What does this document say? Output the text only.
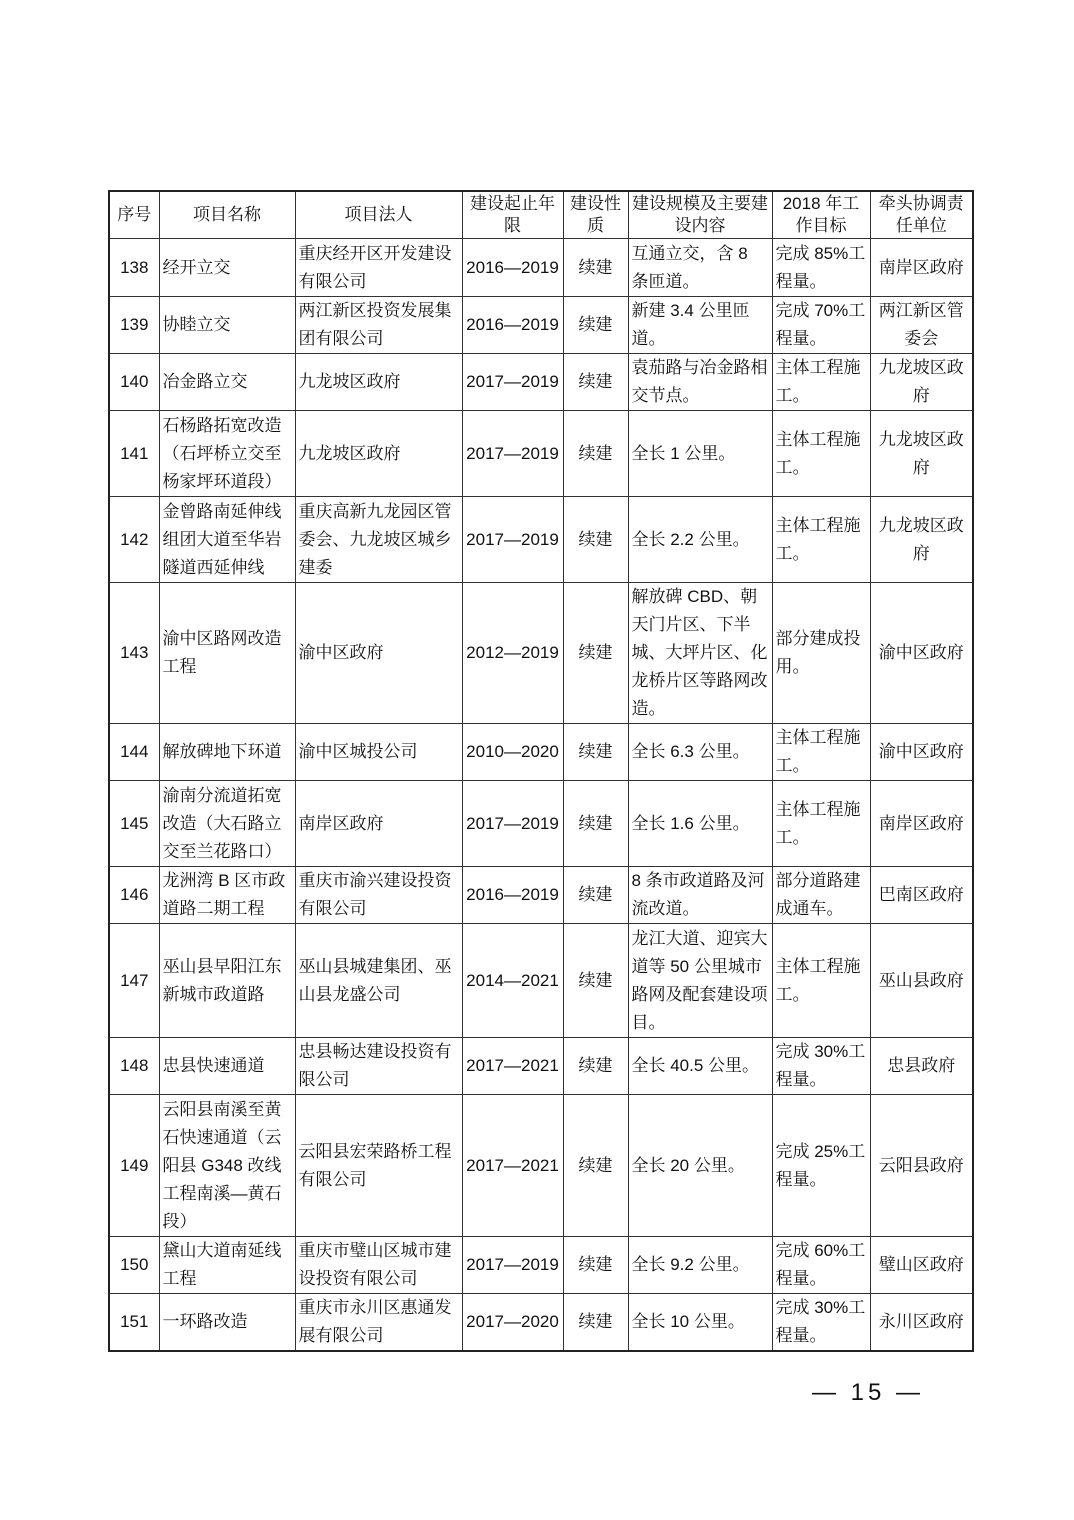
序号	项目名称	项目法人	建设起止年限	建设性质	建设规模及主要建设内容	2018 年工作目标	牵头协调责任单位
138	经开立交	重庆经开区开发建设有限公司	2016—2019	续建	互通立交，含 8 条匝道。	完成 85%工程量。	南岸区政府
139	协睦立交	两江新区投资发展集团有限公司	2016—2019	续建	新建 3.4 公里匝道。	完成 70%工程量。	两江新区管委会
140	冶金路立交	九龙坡区政府	2017—2019	续建	袁茄路与冶金路相交节点。	主体工程施工。	九龙坡区政府
141	石杨路拓宽改造（石坪桥立交至杨家坪环道段）	九龙坡区政府	2017—2019	续建	全长 1 公里。	主体工程施工。	九龙坡区政府
142	金曾路南延伸线组团大道至华岩隧道西延伸线	重庆高新九龙园区管委会、九龙坡区城乡建委	2017—2019	续建	全长 2.2 公里。	主体工程施工。	九龙坡区政府
143	渝中区路网改造工程	渝中区政府	2012—2019	续建	解放碑 CBD、朝天门片区、下半城、大坪片区、化龙桥片区等路网改造。	部分建成投用。	渝中区政府
144	解放碑地下环道	渝中区城投公司	2010—2020	续建	全长 6.3 公里。	主体工程施工。	渝中区政府
145	渝南分流道拓宽改造（大石路立交至兰花路口）	南岸区政府	2017—2019	续建	全长 1.6 公里。	主体工程施工。	南岸区政府
146	龙洲湾 B 区市政道路二期工程	重庆市渝兴建设投资有限公司	2016—2019	续建	8 条市政道路及河流改道。	部分道路建成通车。	巴南区政府
147	巫山县早阳江东新城市政道路	巫山县城建集团、巫山县龙盛公司	2014—2021	续建	龙江大道、迎宾大道等 50 公里城市路网及配套建设项目。	主体工程施工。	巫山县政府
148	忠县快速通道	忠县畅达建设投资有限公司	2017—2021	续建	全长 40.5 公里。	完成 30%工程量。	忠县政府
149	云阳县南溪至黄石快速通道（云阳县 G348 改线工程南溪—黄石段）	云阳县宏荣路桥工程有限公司	2017—2021	续建	全长 20 公里。	完成 25%工程量。	云阳县政府
150	黛山大道南延线工程	重庆市璧山区城市建设投资有限公司	2017—2019	续建	全长 9.2 公里。	完成 60%工程量。	璧山区政府
151	一环路改造	重庆市永川区惠通发展有限公司	2017—2020	续建	全长 10 公里。	完成 30%工程量。	永川区政府
— 15 —
